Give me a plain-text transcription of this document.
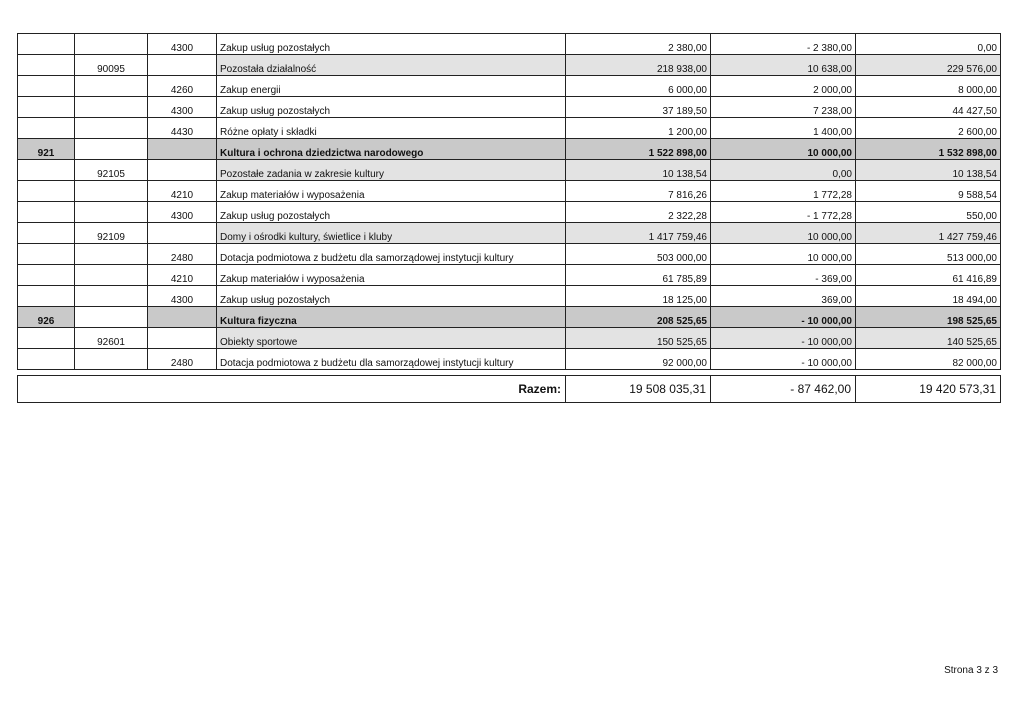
		4300	Zakup usług pozostałych	2 380,00	- 2 380,00	0,00
	90095		Pozostała działalność	218 938,00	10 638,00	229 576,00
		4260	Zakup energii	6 000,00	2 000,00	8 000,00
		4300	Zakup usług pozostałych	37 189,50	7 238,00	44 427,50
		4430	Różne opłaty i składki	1 200,00	1 400,00	2 600,00
921			Kultura i ochrona dziedzictwa narodowego	1 522 898,00	10 000,00	1 532 898,00
	92105		Pozostałe zadania w zakresie kultury	10 138,54	0,00	10 138,54
		4210	Zakup materiałów i wyposażenia	7 816,26	1 772,28	9 588,54
		4300	Zakup usług pozostałych	2 322,28	- 1 772,28	550,00
	92109		Domy i ośrodki kultury, świetlice i kluby	1 417 759,46	10 000,00	1 427 759,46
		2480	Dotacja podmiotowa z budżetu dla samorządowej instytucji kultury	503 000,00	10 000,00	513 000,00
		4210	Zakup materiałów i wyposażenia	61 785,89	- 369,00	61 416,89
		4300	Zakup usług pozostałych	18 125,00	369,00	18 494,00
926			Kultura fizyczna	208 525,65	- 10 000,00	198 525,65
	92601		Obiekty sportowe	150 525,65	- 10 000,00	140 525,65
		2480	Dotacja podmiotowa z budżetu dla samorządowej instytucji kultury	92 000,00	- 10 000,00	82 000,00
Razem:	19 508 035,31	- 87 462,00	19 420 573,31
Strona 3 z 3
